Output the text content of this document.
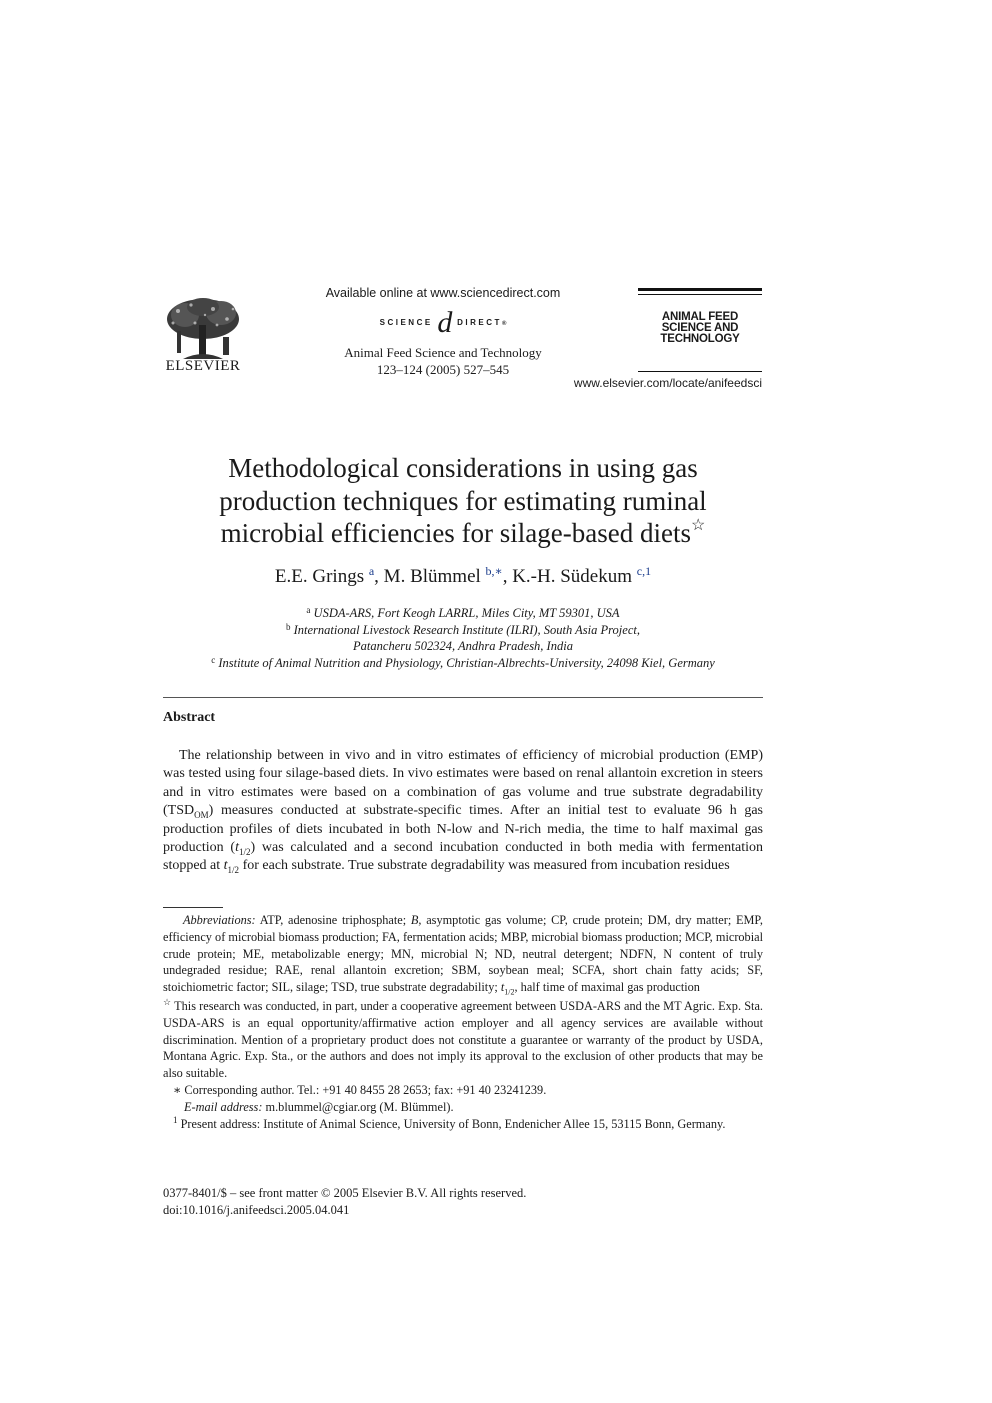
ELSEVIER
Available online at www.sciencedirect.com
SCIENCE d DIRECT®
Animal Feed Science and Technology
123–124 (2005) 527–545
ANIMAL FEED
SCIENCE AND
TECHNOLOGY
www.elsevier.com/locate/anifeedsci
Methodological considerations in using gas
production techniques for estimating ruminal
microbial efficiencies for silage-based diets☆
E.E. Grings $^a$, M. Blümmel $^{b,∗}$, K.-H. Südekum $^{c,1}$
$^a$ USDA-ARS, Fort Keogh LARRL, Miles City, MT 59301, USA
$^b$ International Livestock Research Institute (ILRI), South Asia Project,
Patancheru 502324, Andhra Pradesh, India
$^c$ Institute of Animal Nutrition and Physiology, Christian-Albrechts-University, 24098 Kiel, Germany
Abstract
The relationship between in vivo and in vitro estimates of efficiency of microbial production (EMP) was tested using four silage-based diets. In vivo estimates were based on renal allantoin excretion in steers and in vitro estimates were based on a combination of gas volume and true substrate degradability $(TSD_{OM})$ measures conducted at substrate-specific times. After an initial test to evaluate 96 h gas production profiles of diets incubated in both N-low and N-rich media, the time to half maximal gas production $(t_{1/2})$ was calculated and a second incubation conducted in both media with fermentation stopped at $t_{1/2}$ for each substrate. True substrate degradability was measured from incubation residues

Abbreviations: ATP, adenosine triphosphate; B, asymptotic gas volume; CP, crude protein; DM, dry matter; EMP, efficiency of microbial biomass production; FA, fermentation acids; MBP, microbial biomass production; MCP, microbial crude protein; ME, metabolizable energy; MN, microbial N; ND, neutral detergent; NDFN, N content of truly undegraded residue; RAE, renal allantoin excretion; SBM, soybean meal; SCFA, short chain fatty acids; SF, stoichiometric factor; SIL, silage; TSD, true substrate degradability; $t_{1/2}$, half time of maximal gas production

☆ This research was conducted, in part, under a cooperative agreement between USDA-ARS and the MT Agric. Exp. Sta. USDA-ARS is an equal opportunity/affirmative action employer and all agency services are available without discrimination. Mention of a proprietary product does not constitute a guarantee or warranty of the product by USDA, Montana Agric. Exp. Sta., or the authors and does not imply its approval to the exclusion of other products that may be also suitable.

∗ Corresponding author. Tel.: +91 40 8455 28 2653; fax: +91 40 23241239.

E-mail address: m.blummel@cgiar.org (M. Blümmel).

$^1$ Present address: Institute of Animal Science, University of Bonn, Endenicher Allee 15, 53115 Bonn, Germany.

0377-8401/$ – see front matter © 2005 Elsevier B.V. All rights reserved.
doi:10.1016/j.anifeedsci.2005.04.041
